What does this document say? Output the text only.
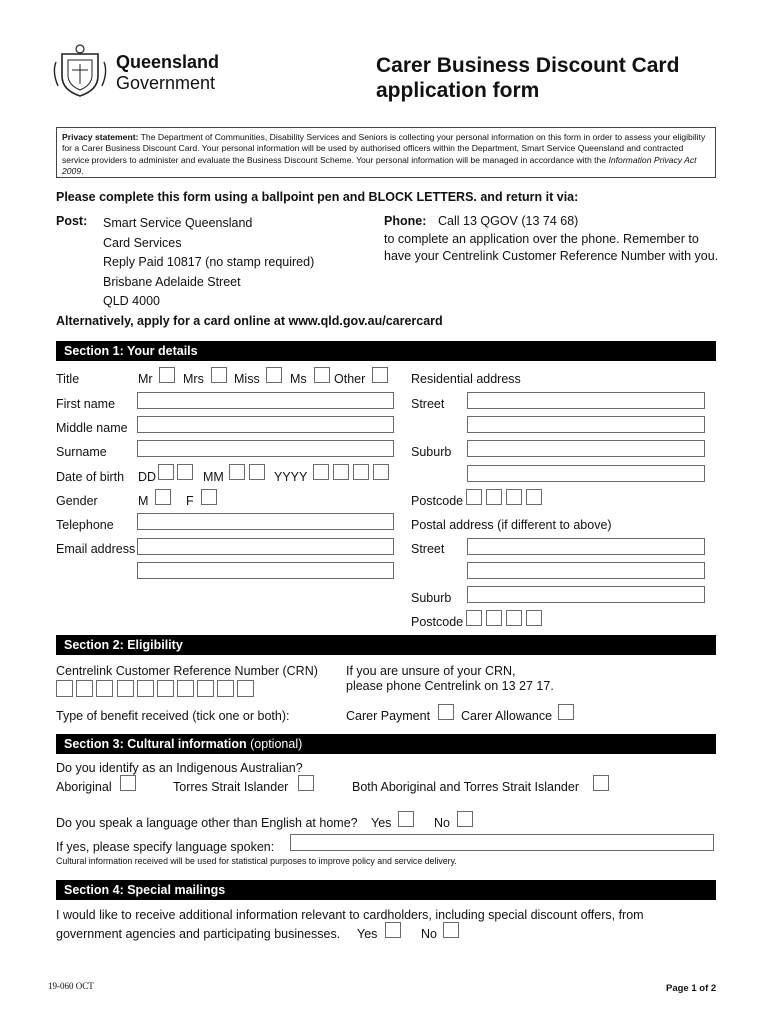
Queensland
Government
Carer Business Discount Card
application form
Privacy statement: The Department of Communities, Disability Services and Seniors is collecting your personal information on this form in order to assess your eligibility for a Carer Business Discount Card. Your personal information will be used by authorised officers within the Department, Smart Service Queensland and contracted service providers to administer and evaluate the Business Discount Scheme. Your personal information will be managed in accordance with the Information Privacy Act 2009.
Please complete this form using a ballpoint pen and BLOCK LETTERS. and return it via:
Post: Smart Service Queensland
Card Services
Reply Paid 10817 (no stamp required)
Brisbane Adelaide Street
QLD 4000
Phone: Call 13 QGOV (13 74 68)
to complete an application over the phone. Remember to
have your Centrelink Customer Reference Number with you.
Alternatively, apply for a card online at www.qld.gov.au/carercard
Section 1: Your details
Title	Mr Mrs Miss Ms Other
First name
Middle name
Surname
Date of birth DD	MM	YYYY
Gender	M	F
Telephone
Email address
Residential address
Street
Suburb
Postcode
Postal address (if different to above)
Street
Suburb
Postcode
Section 2: Eligibility
Centrelink Customer Reference Number (CRN) If you are unsure of your CRN,
please phone Centrelink on 13 27 17.
Type of benefit received (tick one or both):	Carer Payment Carer Allowance
Section 3: Cultural information (optional)
Do you identify as an Indigenous Australian?
Aboriginal	Torres Strait Islander	Both Aboriginal and Torres Strait Islander
Do you speak a language other than English at home? Yes	No
If yes, please specify language spoken:
Cultural information received will be used for statistical purposes to improve policy and service delivery.
Section 4: Special mailings
I would like to receive additional information relevant to cardholders, including special discount offers, from
government agencies and participating businesses. Yes	No
19-060 OCT	Page 1 of 2
